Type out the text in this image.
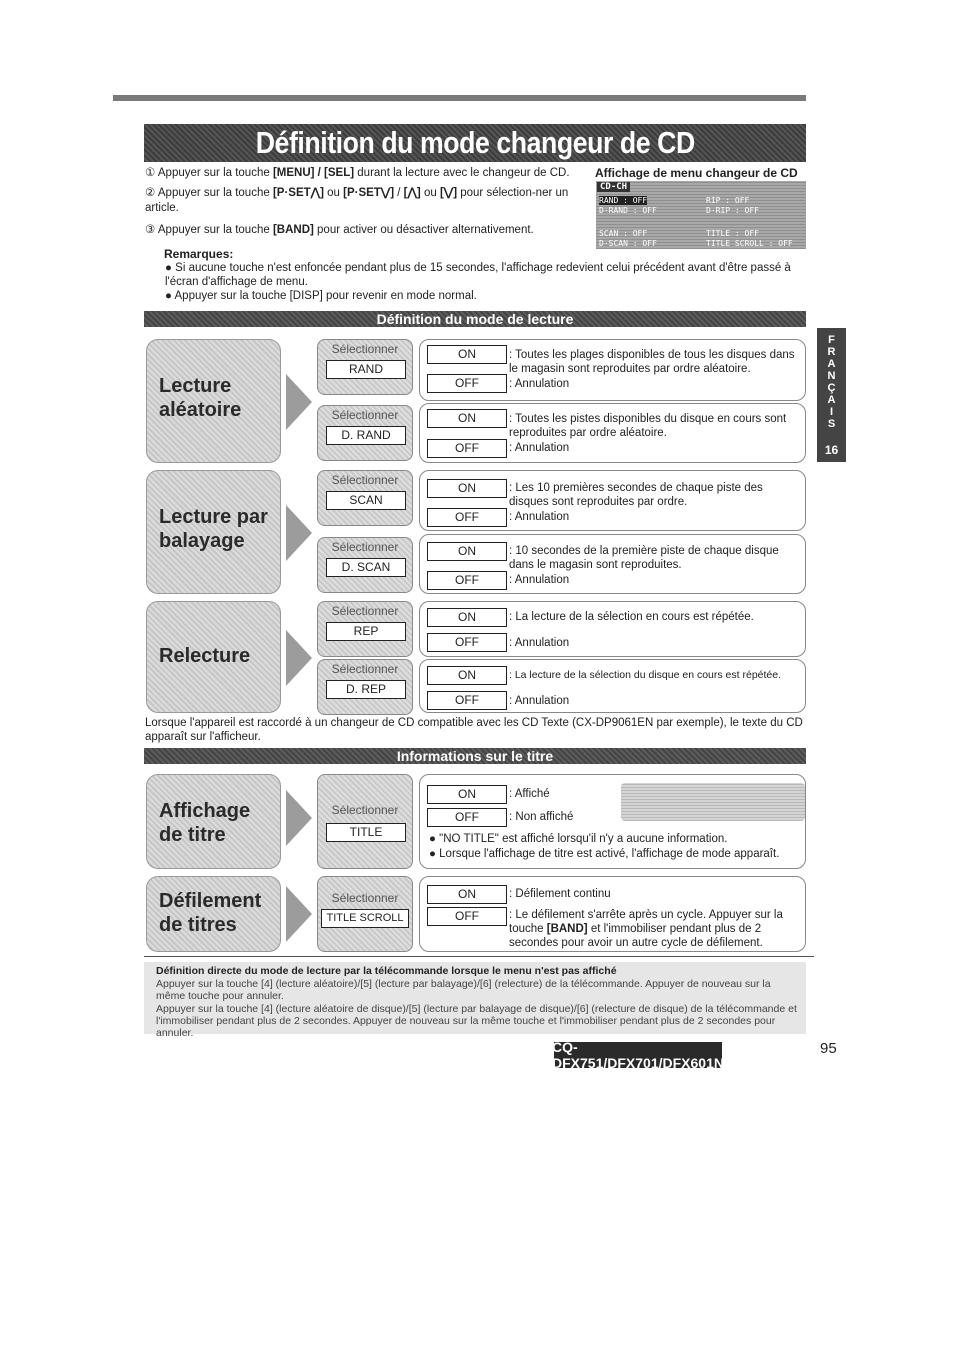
Définition du mode changeur de CD
① Appuyer sur la touche [MENU] / [SEL] durant la lecture avec le changeur de CD.
② Appuyer sur la touche [P·SET⋀] ou [P·SET⋁] / [⋀] ou [⋁] pour sélection-ner un article.
③ Appuyer sur la touche [BAND] pour activer ou désactiver alternativement.
Affichage de menu changeur de CD
CD-CH
RAND : OFF	RIP : OFF
D·RAND : OFF	D·RIP : OFF
SCAN : OFF	TITLE : OFF
D·SCAN : OFF	TITLE SCROLL : OFF
Remarques:
● Si aucune touche n'est enfoncée pendant plus de 15 secondes, l'affichage redevient celui précédent avant d'être passé à l'écran d'affichage de menu.
● Appuyer sur la touche [DISP] pour revenir en mode normal.
Définition du mode de lecture
Lecture aléatoire
Sélectionner
RAND
Sélectionner
D. RAND
ON	: Toutes les plages disponibles de tous les disques dans le magasin sont reproduites par ordre aléatoire.
OFF	: Annulation
ON	: Toutes les pistes disponibles du disque en cours sont reproduites par ordre aléatoire.
OFF	: Annulation
Lecture par balayage
Sélectionner
SCAN
Sélectionner
D. SCAN
ON	: Les 10 premières secondes de chaque piste des disques sont reproduites par ordre.
OFF	: Annulation
ON	: 10 secondes de la première piste de chaque disque dans le magasin sont reproduites.
OFF	: Annulation
Relecture
Sélectionner
REP
Sélectionner
D. REP
ON	: La lecture de la sélection en cours est répétée.
OFF	: Annulation
ON	: La lecture de la sélection du disque en cours est répétée.
OFF	: Annulation
Lorsque l'appareil est raccordé à un changeur de CD compatible avec les CD Texte (CX-DP9061EN par exemple), le texte du CD apparaît sur l'afficheur.
Informations sur le titre
Affichage de titre
Sélectionner
TITLE
ON	: Affiché
OFF	: Non affiché
● "NO TITLE" est affiché lorsqu'il n'y a aucune information.
● Lorsque l'affichage de titre est activé, l'affichage de mode apparaît.
Défilement de titres
Sélectionner
TITLE SCROLL
ON	: Défilement continu
OFF	: Le défilement s'arrête après un cycle. Appuyer sur la touche [BAND] et l'immobiliser pendant plus de 2 secondes pour avoir un autre cycle de défilement.
Définition directe du mode de lecture par la télécommande lorsque le menu n'est pas affiché
Appuyer sur la touche [4] (lecture aléatoire)/[5] (lecture par balayage)/[6] (relecture) de la télécommande. Appuyer de nouveau sur la même touche pour annuler.
Appuyer sur la touche [4] (lecture aléatoire de disque)/[5] (lecture par balayage de disque)/[6] (relecture de disque) de la télécommande et l'immobiliser pendant plus de 2 secondes. Appuyer de nouveau sur la même touche et l'immobiliser pendant plus de 2 secondes pour annuler.
CQ-DFX751/DFX701/DFX601N
95
F R A N Ç A I S
16
